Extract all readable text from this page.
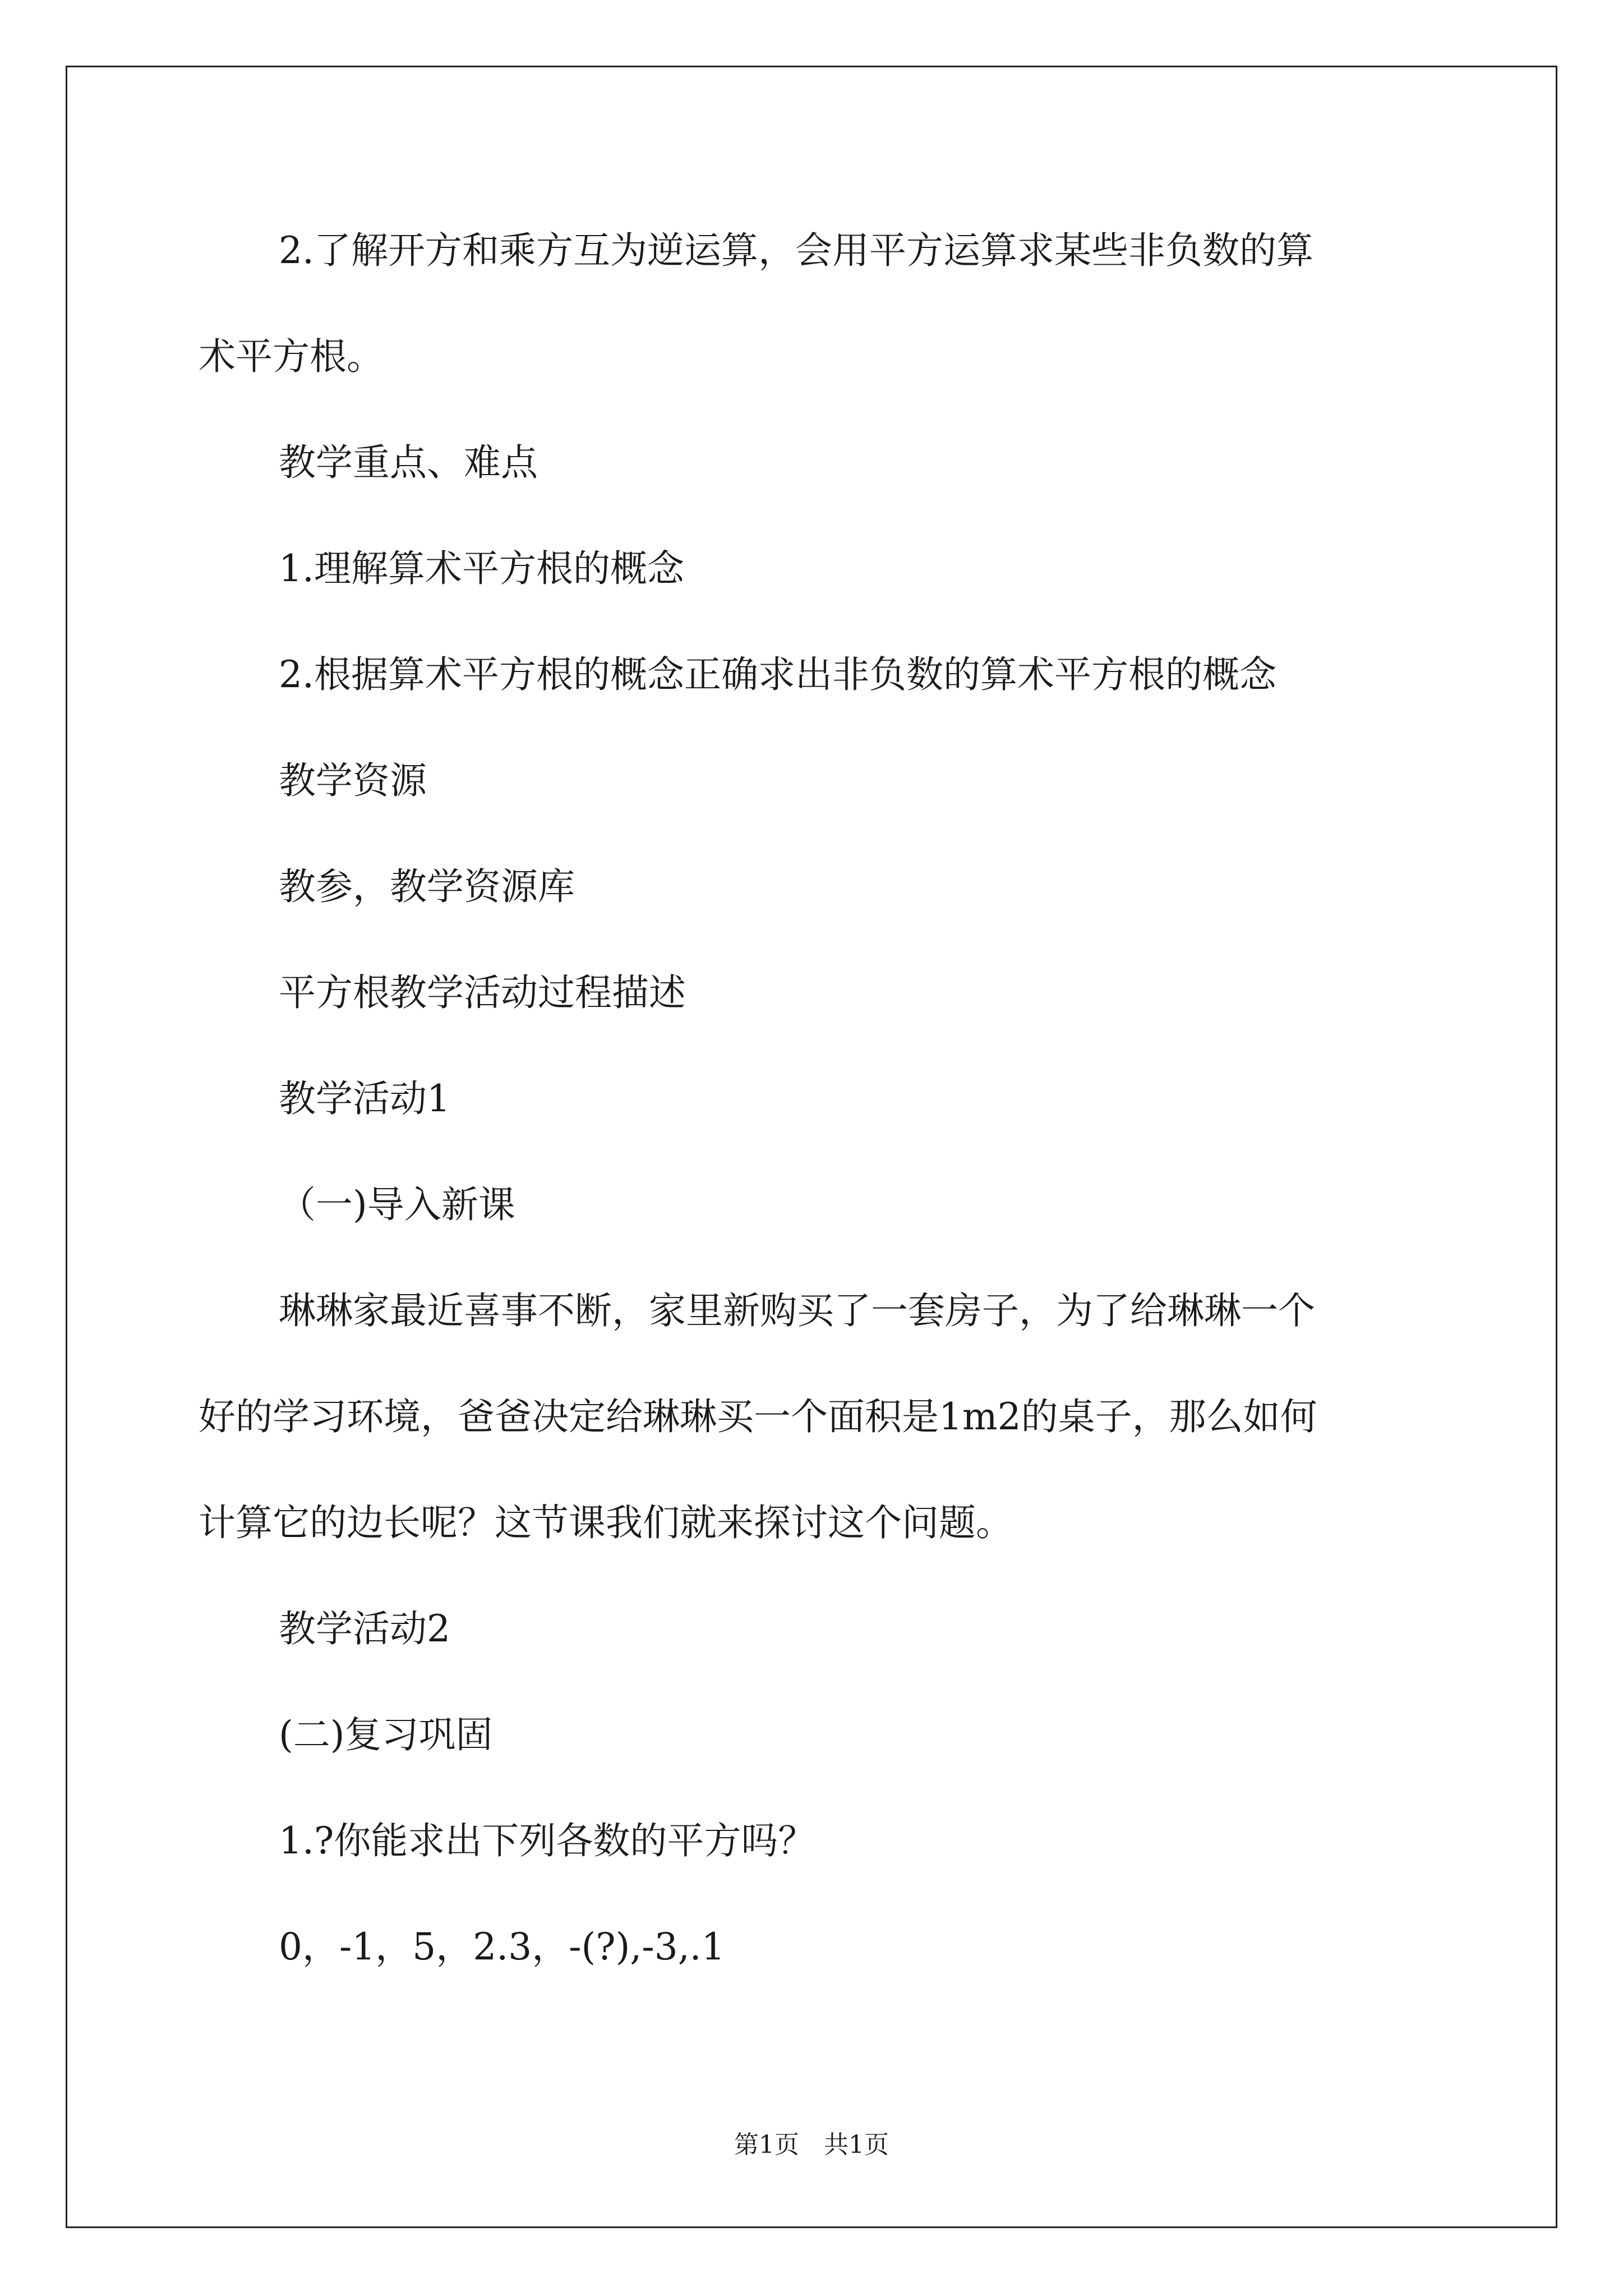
2.了解开方和乘方互为逆运算，会用平方运算求某些非负数的算

术平方根。

教学重点、难点

1.理解算术平方根的概念

2.根据算术平方根的概念正确求出非负数的算术平方根的概念

教学资源

教参，教学资源库

平方根教学活动过程描述

教学活动1

（一)导入新课

琳琳家最近喜事不断，家里新购买了一套房子，为了给琳琳一个

好的学习环境，爸爸决定给琳琳买一个面积是1m2的桌子，那么如何

计算它的边长呢？这节课我们就来探讨这个问题。

教学活动2

(二)复习巩固

1.?你能求出下列各数的平方吗？

0，-1，5，2.3，-(?),-3,.1

第1页　共1页
